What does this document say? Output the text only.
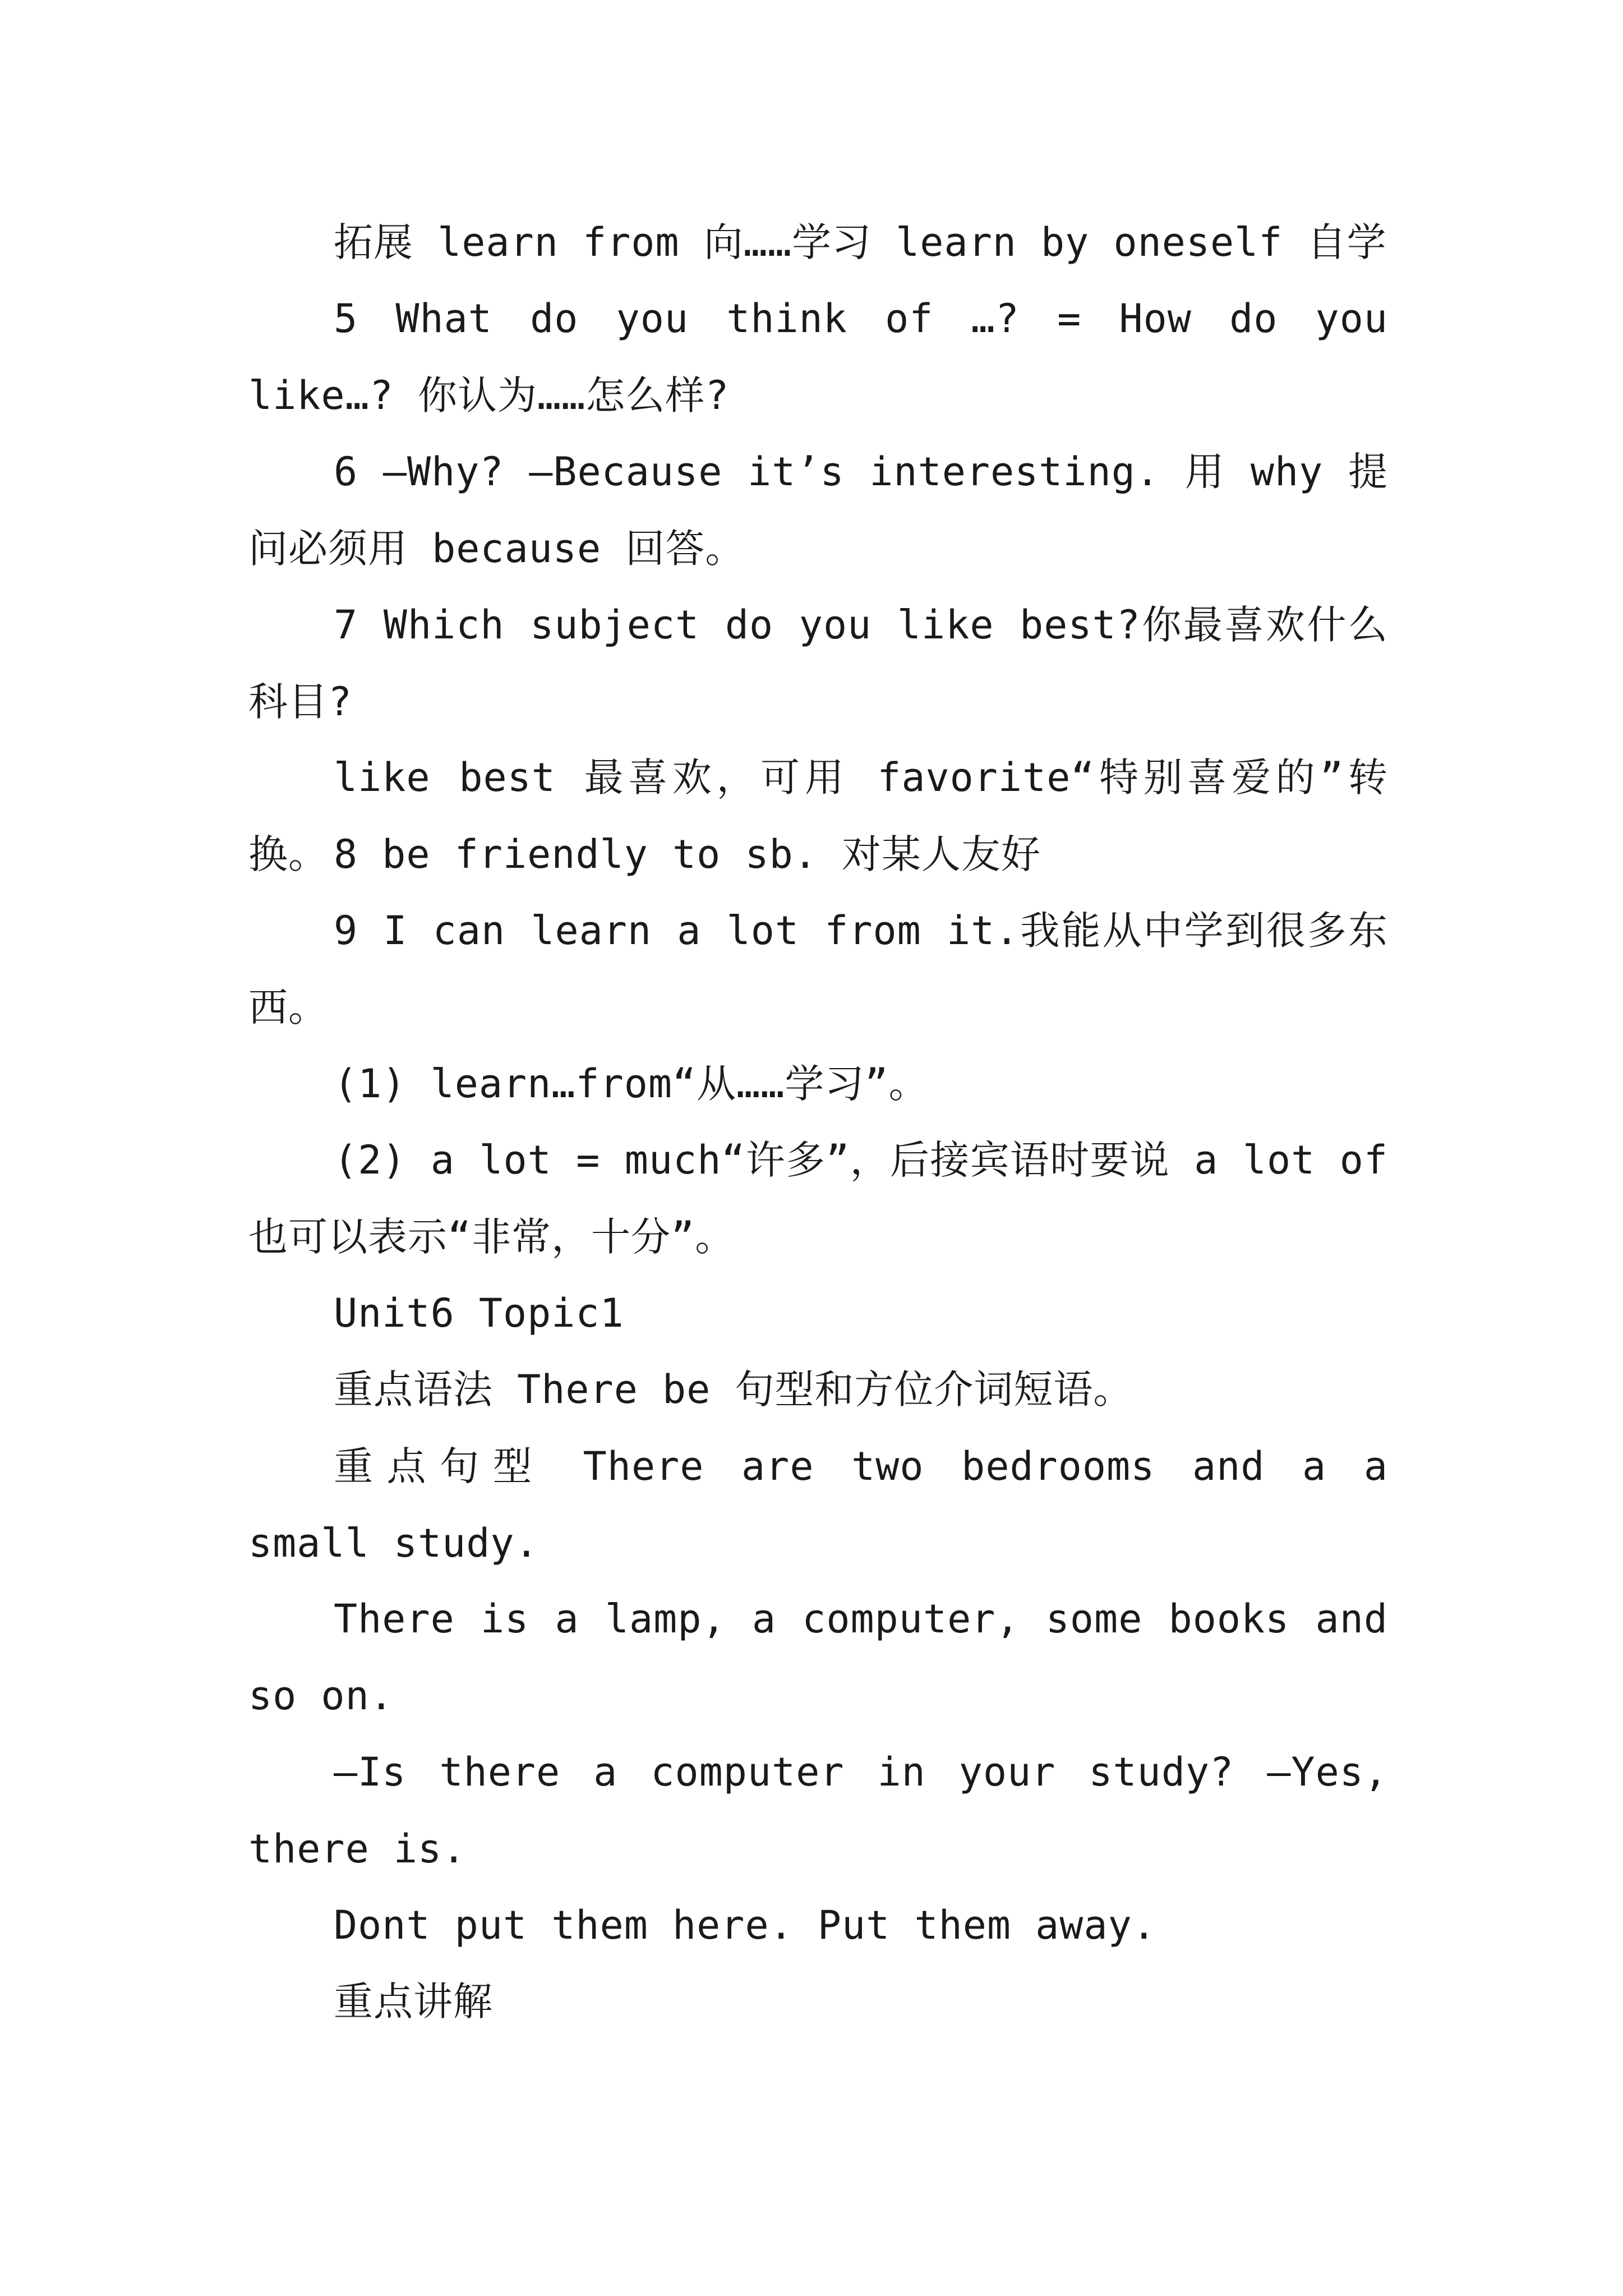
拓展 learn from 向……学习 learn by oneself 自学

5 What do you think of …? = How do you like…? 你认为……怎么样?

6 —Why? —Because it’s interesting. 用 why 提问必须用 because 回答。

7 Which subject do you like best?你最喜欢什么科目?

like best 最喜欢，可用 favorite“特别喜爱的”转换。 8 be friendly to sb. 对某人友好

9 I can learn a lot from it.我能从中学到很多东西。

(1) learn…from“从……学习”。

(2) a lot = much“许多”，后接宾语时要说 a lot of 也可以表示“非常，十分”。

Unit6 Topic1

重点语法 There be 句型和方位介词短语。

重点句型 There are two bedrooms and a a small study.

There is a lamp, a computer, some books and so on.

—Is there a computer in your study? —Yes, there is.

Dont put them here. Put them away.

重点讲解
